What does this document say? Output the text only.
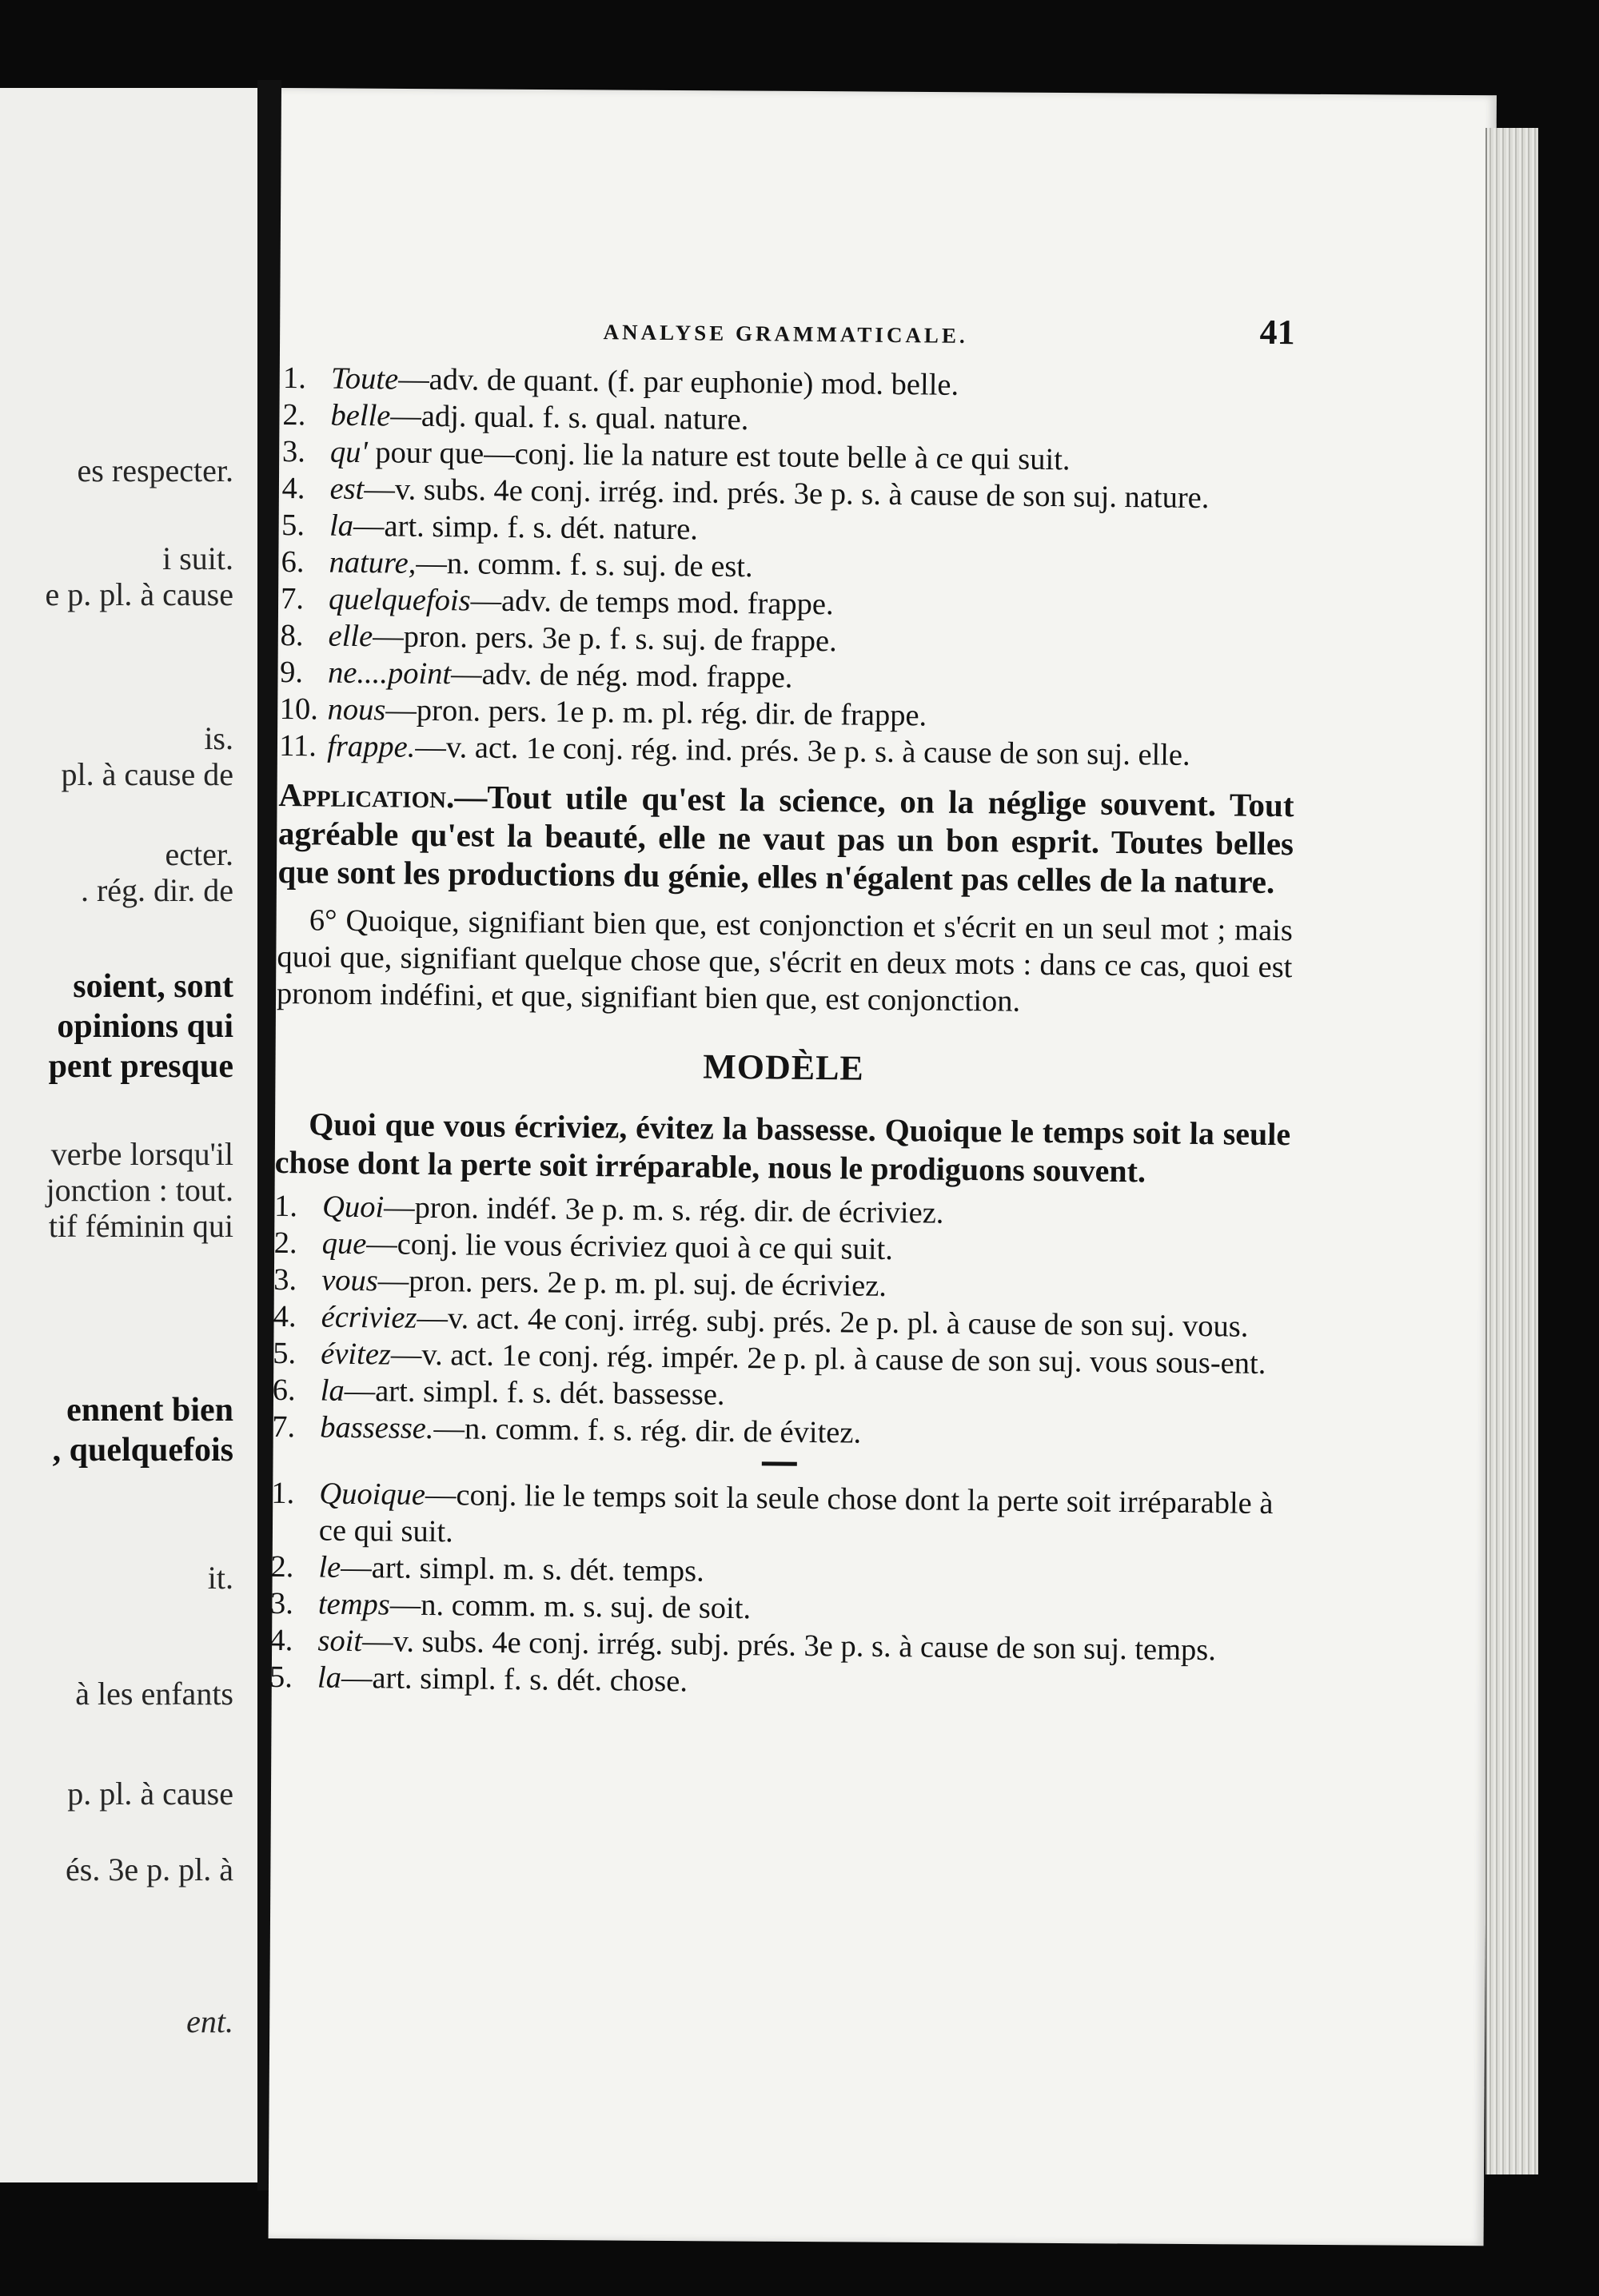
es respecter.
i suit.
e p. pl. à cause
is.
pl. à cause de
ecter.
. rég. dir. de
soient, sont
opinions qui
pent presque
verbe lorsqu'il
jonction : tout.
tif féminin qui
ennent bien
, quelquefois
it.
à les enfants
p. pl. à cause
és. 3e p. pl. à
ent.
ANALYSE GRAMMATICALE.	41
1. Toute—adv. de quant. (f. par euphonie) mod. belle.
2. belle—adj. qual. f. s. qual. nature.
3. qu' pour que—conj. lie la nature est toute belle à ce qui suit.
4. est—v. subs. 4e conj. irrég. ind. prés. 3e p. s. à cause de son suj. nature.
5. la—art. simp. f. s. dét. nature.
6. nature,—n. comm. f. s. suj. de est.
7. quelquefois—adv. de temps mod. frappe.
8. elle—pron. pers. 3e p. f. s. suj. de frappe.
9. ne....point—adv. de nég. mod. frappe.
10. nous—pron. pers. 1e p. m. pl. rég. dir. de frappe.
11. frappe.—v. act. 1e conj. rég. ind. prés. 3e p. s. à cause de son suj. elle.

Application.—Tout utile qu'est la science, on la néglige souvent. Tout agréable qu'est la beauté, elle ne vaut pas un bon esprit. Toutes belles que sont les productions du génie, elles n'égalent pas celles de la nature.

6° Quoique, signifiant bien que, est conjonction et s'écrit en un seul mot ; mais quoi que, signifiant quelque chose que, s'écrit en deux mots : dans ce cas, quoi est pronom indéfini, et que, signifiant bien que, est conjonction.

MODÈLE

Quoi que vous écriviez, évitez la bassesse. Quoique le temps soit la seule chose dont la perte soit irréparable, nous le prodiguons souvent.

1. Quoi—pron. indéf. 3e p. m. s. rég. dir. de écriviez.
2. que—conj. lie vous écriviez quoi à ce qui suit.
3. vous—pron. pers. 2e p. m. pl. suj. de écriviez.
4. écriviez—v. act. 4e conj. irrég. subj. prés. 2e p. pl. à cause de son suj. vous.
5. évitez—v. act. 1e conj. rég. impér. 2e p. pl. à cause de son suj. vous sous-ent.
6. la—art. simpl. f. s. dét. bassesse.
7. bassesse.—n. comm. f. s. rég. dir. de évitez.
1. Quoique—conj. lie le temps soit la seule chose dont la perte soit irréparable à ce qui suit.
2. le—art. simpl. m. s. dét. temps.
3. temps—n. comm. m. s. suj. de soit.
4. soit—v. subs. 4e conj. irrég. subj. prés. 3e p. s. à cause de son suj. temps.
5. la—art. simpl. f. s. dét. chose.
